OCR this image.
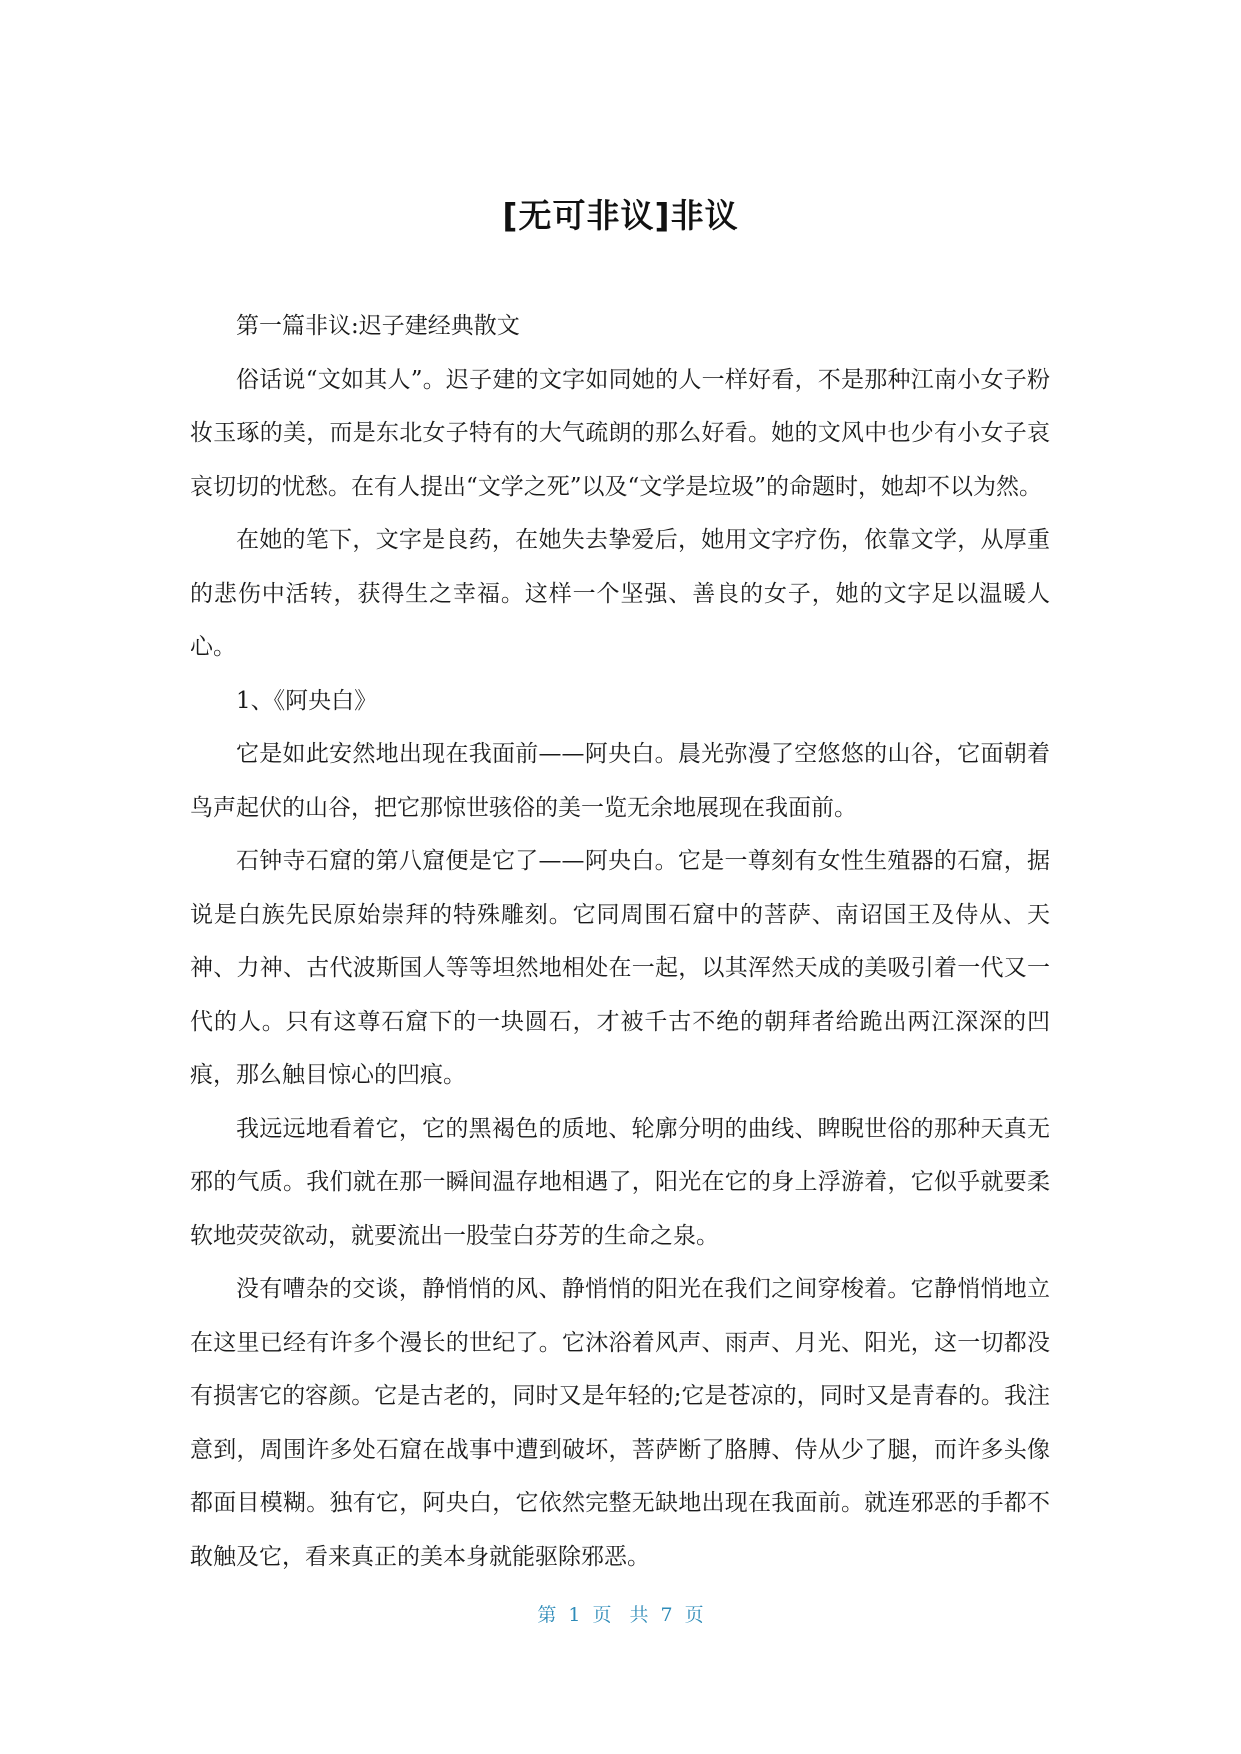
[无可非议]非议

第一篇非议:迟子建经典散文

俗话说“文如其人”。迟子建的文字如同她的人一样好看，不是那种江南小女子粉妆玉琢的美，而是东北女子特有的大气疏朗的那么好看。她的文风中也少有小女子哀哀切切的忧愁。在有人提出“文学之死”以及“文学是垃圾”的命题时，她却不以为然。

在她的笔下，文字是良药，在她失去挚爱后，她用文字疗伤，依靠文学，从厚重的悲伤中活转，获得生之幸福。这样一个坚强、善良的女子，她的文字足以温暖人心。

1、《阿央白》

它是如此安然地出现在我面前——阿央白。晨光弥漫了空悠悠的山谷，它面朝着鸟声起伏的山谷，把它那惊世骇俗的美一览无余地展现在我面前。

石钟寺石窟的第八窟便是它了——阿央白。它是一尊刻有女性生殖器的石窟，据说是白族先民原始崇拜的特殊雕刻。它同周围石窟中的菩萨、南诏国王及侍从、天神、力神、古代波斯国人等等坦然地相处在一起，以其浑然天成的美吸引着一代又一代的人。只有这尊石窟下的一块圆石，才被千古不绝的朝拜者给跪出两江深深的凹痕，那么触目惊心的凹痕。

我远远地看着它，它的黑褐色的质地、轮廓分明的曲线、睥睨世俗的那种天真无邪的气质。我们就在那一瞬间温存地相遇了，阳光在它的身上浮游着，它似乎就要柔软地荧荧欲动，就要流出一股莹白芬芳的生命之泉。

没有嘈杂的交谈，静悄悄的风、静悄悄的阳光在我们之间穿梭着。它静悄悄地立在这里已经有许多个漫长的世纪了。它沐浴着风声、雨声、月光、阳光，这一切都没有损害它的容颜。它是古老的，同时又是年轻的;它是苍凉的，同时又是青春的。我注意到，周围许多处石窟在战事中遭到破坏，菩萨断了胳膊、侍从少了腿，而许多头像都面目模糊。独有它，阿央白，它依然完整无缺地出现在我面前。就连邪恶的手都不敢触及它，看来真正的美本身就能驱除邪恶。

第 1 页 共 7 页
